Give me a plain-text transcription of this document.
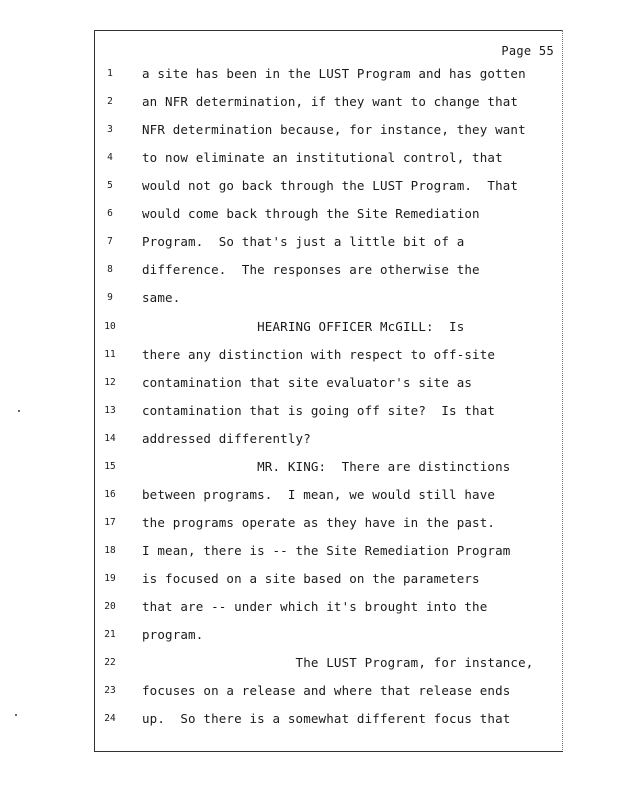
Page 55
1	a site has been in the LUST Program and has gotten
2	an NFR determination, if they want to change that
3	NFR determination because, for instance, they want
4	to now eliminate an institutional control, that
5	would not go back through the LUST Program.  That
6	would come back through the Site Remediation
7	Program.  So that's just a little bit of a
8	difference.  The responses are otherwise the
9	same.
10	HEARING OFFICER McGILL:  Is
11	there any distinction with respect to off-site
12	contamination that site evaluator's site as
13	contamination that is going off site?  Is that
14	addressed differently?
15	MR. KING:  There are distinctions
16	between programs.  I mean, we would still have
17	the programs operate as they have in the past.
18	I mean, there is -- the Site Remediation Program
19	is focused on a site based on the parameters
20	that are -- under which it's brought into the
21	program.
22	The LUST Program, for instance,
23	focuses on a release and where that release ends
24	up.  So there is a somewhat different focus that
